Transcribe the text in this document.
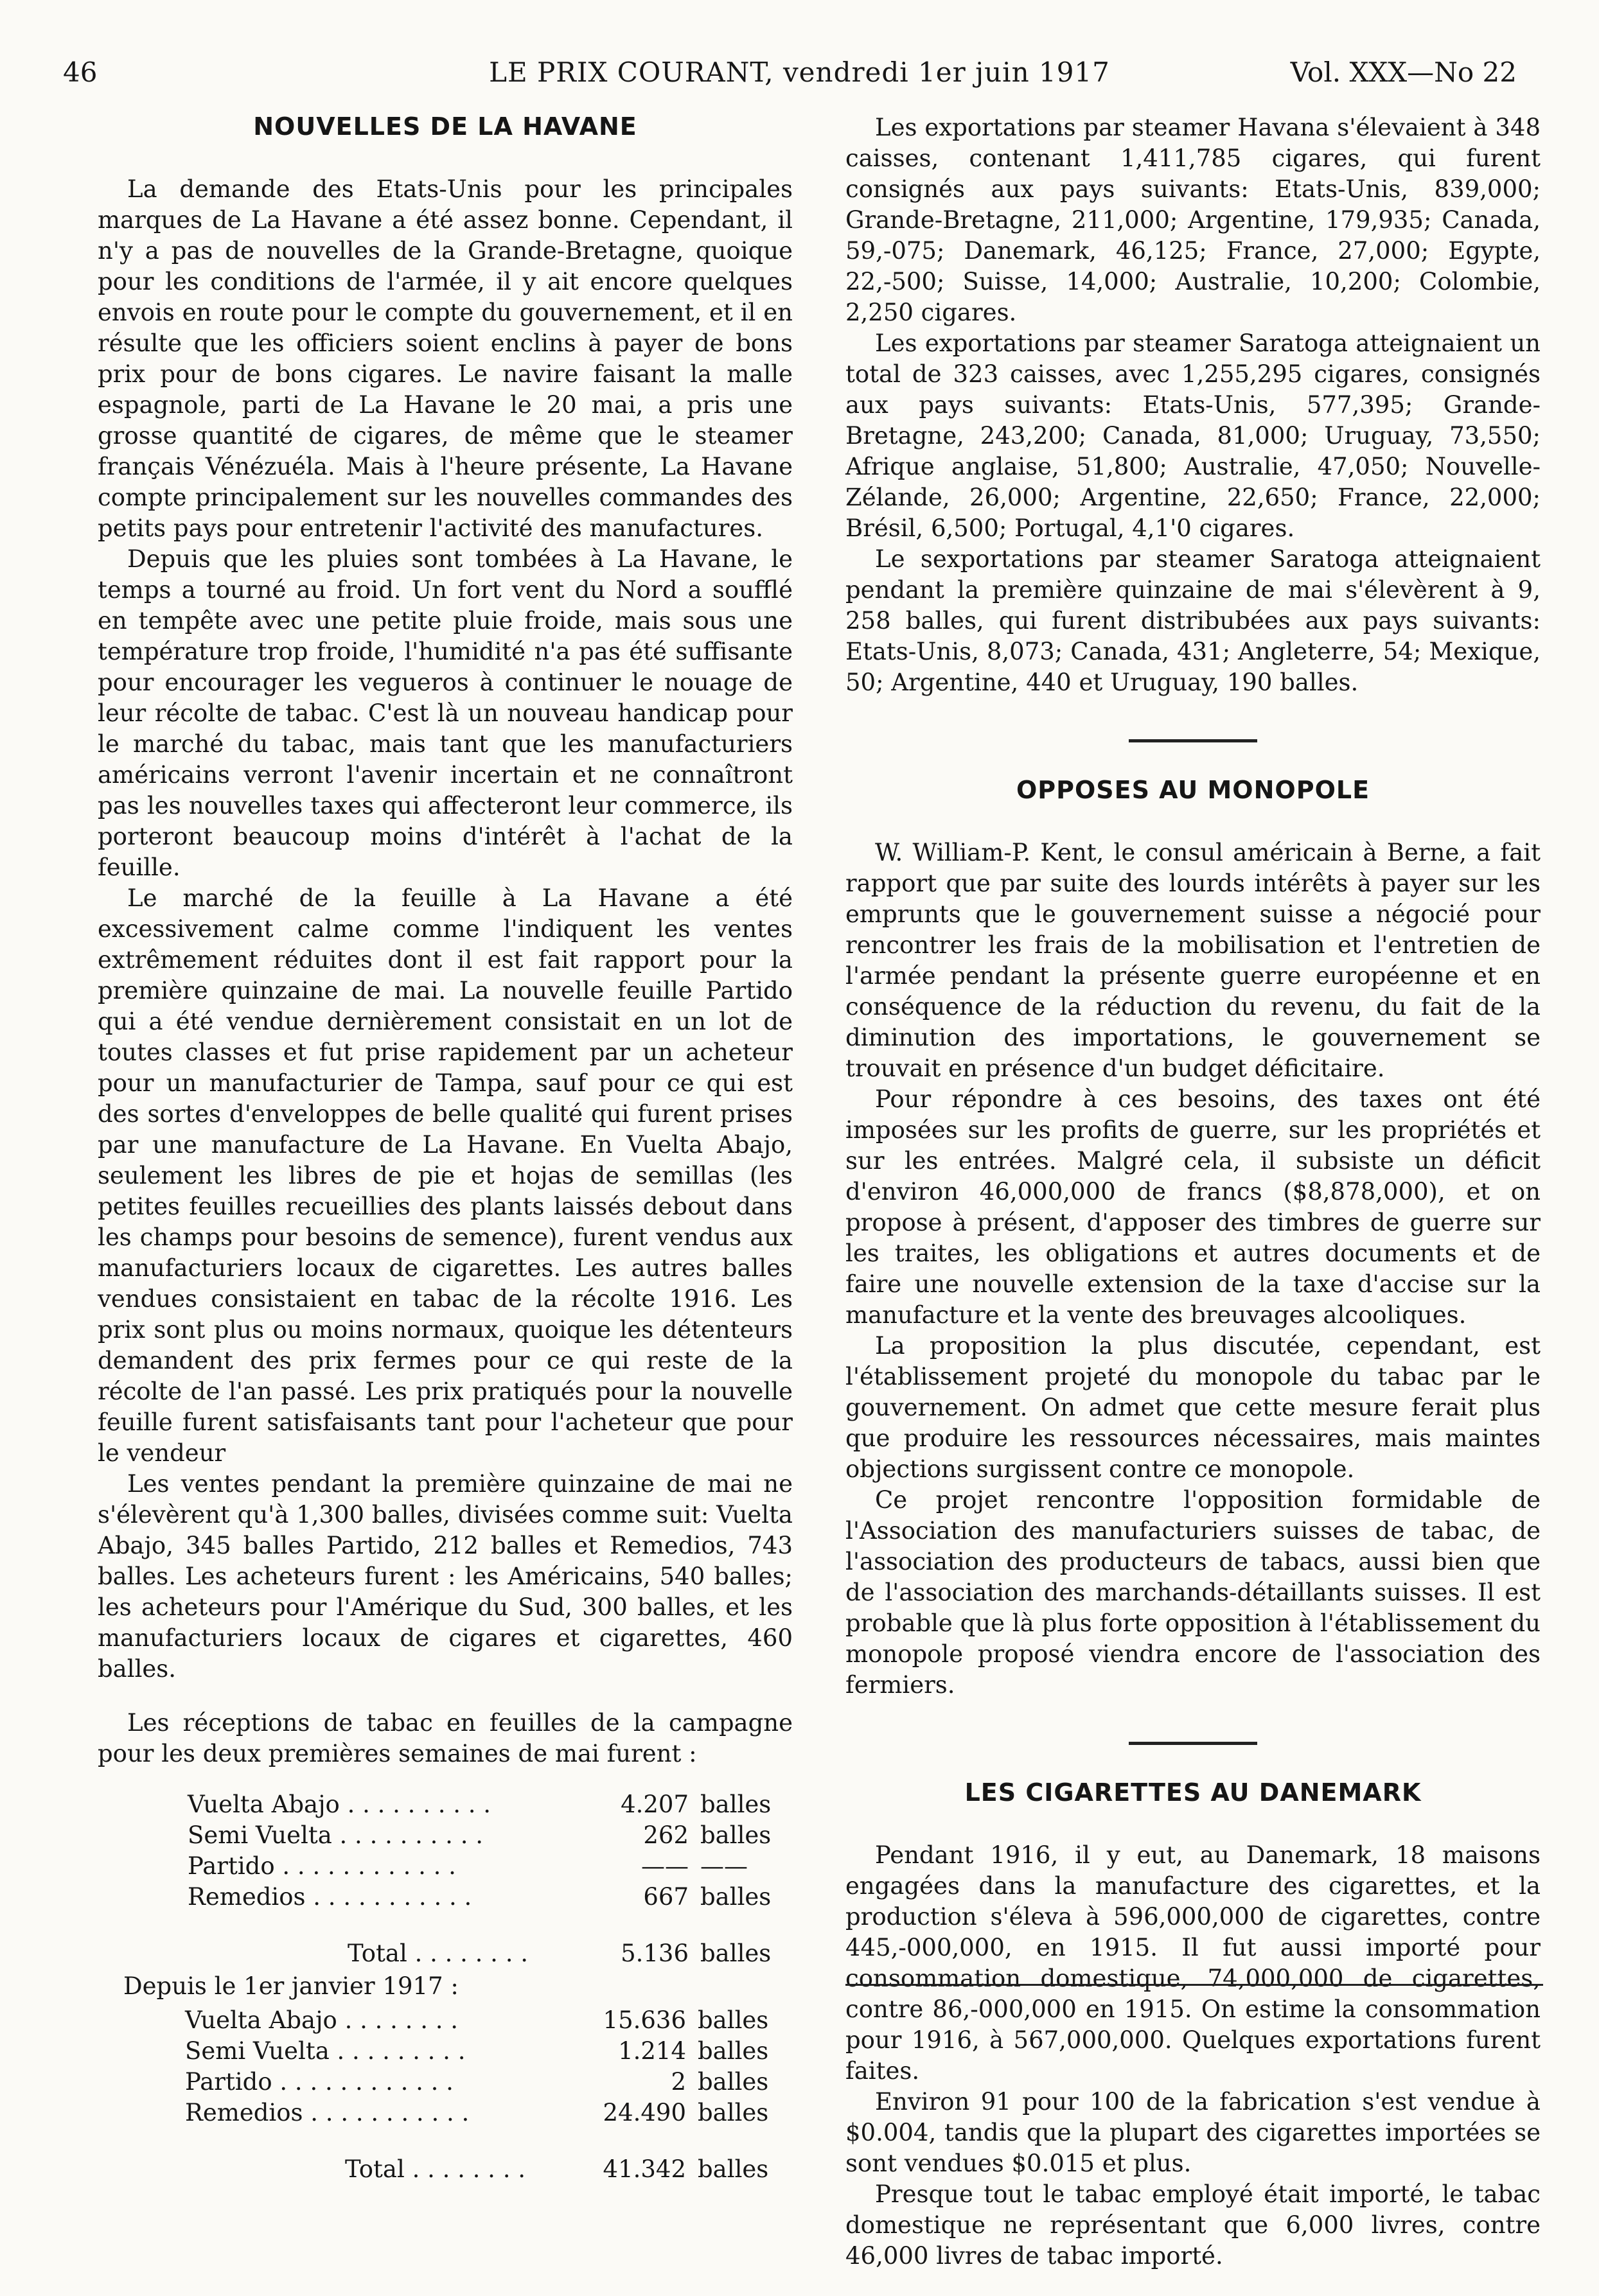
46	LE PRIX COURANT, vendredi 1er juin 1917	Vol. XXX—No 22
NOUVELLES DE LA HAVANE

La demande des Etats-Unis pour les principales marques de La Havane a été assez bonne. Cependant, il n'y a pas de nouvelles de la Grande-Bretagne, quoique pour les conditions de l'armée, il y ait encore quelques envois en route pour le compte du gouvernement, et il en résulte que les officiers soient enclins à payer de bons prix pour de bons cigares. Le navire faisant la malle espagnole, parti de La Havane le 20 mai, a pris une grosse quantité de cigares, de même que le steamer français Vénézuéla. Mais à l'heure présente, La Havane compte principalement sur les nouvelles commandes des petits pays pour entretenir l'activité des manufactures.

Depuis que les pluies sont tombées à La Havane, le temps a tourné au froid. Un fort vent du Nord a soufflé en tempête avec une petite pluie froide, mais sous une température trop froide, l'humidité n'a pas été suffisante pour encourager les vegueros à continuer le nouage de leur récolte de tabac. C'est là un nouveau handicap pour le marché du tabac, mais tant que les manufacturiers américains verront l'avenir incertain et ne connaîtront pas les nouvelles taxes qui affecteront leur commerce, ils porteront beaucoup moins d'intérêt à l'achat de la feuille.

Le marché de la feuille à La Havane a été excessivement calme comme l'indiquent les ventes extrêmement réduites dont il est fait rapport pour la première quinzaine de mai. La nouvelle feuille Partido qui a été vendue dernièrement consistait en un lot de toutes classes et fut prise rapidement par un acheteur pour un manufacturier de Tampa, sauf pour ce qui est des sortes d'enveloppes de belle qualité qui furent prises par une manufacture de La Havane. En Vuelta Abajo, seulement les libres de pie et hojas de semillas (les petites feuilles recueillies des plants laissés debout dans les champs pour besoins de semence), furent vendus aux manufacturiers locaux de cigarettes. Les autres balles vendues consistaient en tabac de la récolte 1916. Les prix sont plus ou moins normaux, quoique les détenteurs demandent des prix fermes pour ce qui reste de la récolte de l'an passé. Les prix pratiqués pour la nouvelle feuille furent satisfaisants tant pour l'acheteur que pour le vendeur

Les ventes pendant la première quinzaine de mai ne s'élevèrent qu'à 1,300 balles, divisées comme suit: Vuelta Abajo, 345 balles Partido, 212 balles et Remedios, 743 balles. Les acheteurs furent : les Américains, 540 balles; les acheteurs pour l'Amérique du Sud, 300 balles, et les manufacturiers locaux de cigares et cigarettes, 460 balles.

Les réceptions de tabac en feuilles de la campagne pour les deux premières semaines de mai furent :

Vuelta Abajo . . . . . . . . . .	4.207	balles
Semi Vuelta . . . . . . . . . .	262	balles
Partido . . . . . . . . . . . .	——	——
Remedios . . . . . . . . . . .	667	balles
Total . . . . . . . .	5.136	balles
Depuis le 1er janvier 1917 :
Vuelta Abajo . . . . . . . .	15.636	balles
Semi Vuelta . . . . . . . . .	1.214	balles
Partido . . . . . . . . . . . .	2	balles
Remedios . . . . . . . . . . .	24.490	balles
Total . . . . . . . .	41.342	balles

Les exportations par steamer Havana s'élevaient à 348 caisses, contenant 1,411,785 cigares, qui furent consignés aux pays suivants: Etats-Unis, 839,000; Grande-Bretagne, 211,000; Argentine, 179,935; Canada, 59,-075; Danemark, 46,125; France, 27,000; Egypte, 22,-500; Suisse, 14,000; Australie, 10,200; Colombie, 2,250 cigares.

Les exportations par steamer Saratoga atteignaient un total de 323 caisses, avec 1,255,295 cigares, consignés aux pays suivants: Etats-Unis, 577,395; Grande-Bretagne, 243,200; Canada, 81,000; Uruguay, 73,550; Afrique anglaise, 51,800; Australie, 47,050; Nouvelle-Zélande, 26,000; Argentine, 22,650; France, 22,000; Brésil, 6,500; Portugal, 4,1'0 cigares.

Le sexportations par steamer Saratoga atteignaient pendant la première quinzaine de mai s'élevèrent à 9, 258 balles, qui furent distribubées aux pays suivants: Etats-Unis, 8,073; Canada, 431; Angleterre, 54; Mexique, 50; Argentine, 440 et Uruguay, 190 balles.

OPPOSES AU MONOPOLE

W. William-P. Kent, le consul américain à Berne, a fait rapport que par suite des lourds intérêts à payer sur les emprunts que le gouvernement suisse a négocié pour rencontrer les frais de la mobilisation et l'entretien de l'armée pendant la présente guerre européenne et en conséquence de la réduction du revenu, du fait de la diminution des importations, le gouvernement se trouvait en présence d'un budget déficitaire.

Pour répondre à ces besoins, des taxes ont été imposées sur les profits de guerre, sur les propriétés et sur les entrées. Malgré cela, il subsiste un déficit d'environ 46,000,000 de francs ($8,878,000), et on propose à présent, d'apposer des timbres de guerre sur les traites, les obligations et autres documents et de faire une nouvelle extension de la taxe d'accise sur la manufacture et la vente des breuvages alcooliques.

La proposition la plus discutée, cependant, est l'établissement projeté du monopole du tabac par le gouvernement. On admet que cette mesure ferait plus que produire les ressources nécessaires, mais maintes objections surgissent contre ce monopole.

Ce projet rencontre l'opposition formidable de l'Association des manufacturiers suisses de tabac, de l'association des producteurs de tabacs, aussi bien que de l'association des marchands-détaillants suisses. Il est probable que là plus forte opposition à l'établissement du monopole proposé viendra encore de l'association des fermiers.

LES CIGARETTES AU DANEMARK

Pendant 1916, il y eut, au Danemark, 18 maisons engagées dans la manufacture des cigarettes, et la production s'éleva à 596,000,000 de cigarettes, contre 445,-000,000, en 1915. Il fut aussi importé pour consommation domestique, 74,000,000 de cigarettes, contre 86,-000,000 en 1915. On estime la consommation pour 1916, à 567,000,000. Quelques exportations furent faites.

Environ 91 pour 100 de la fabrication s'est vendue à $0.004, tandis que la plupart des cigarettes importées se sont vendues $0.015 et plus.

Presque tout le tabac employé était importé, le tabac domestique ne représentant que 6,000 livres, contre 46,000 livres de tabac importé.
